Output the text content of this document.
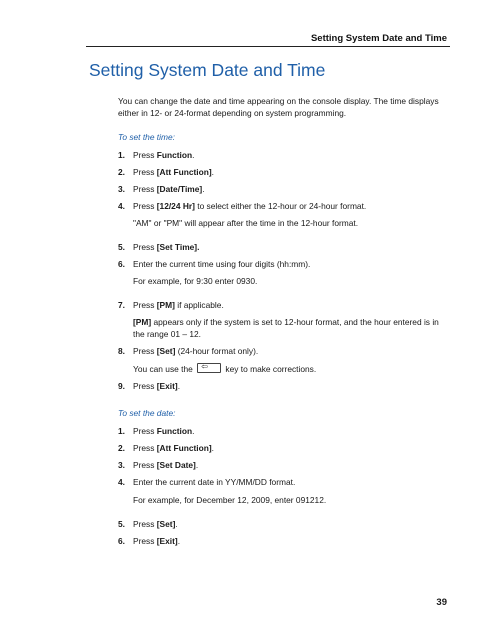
Setting System Date and Time
Setting System Date and Time

You can change the date and time appearing on the console display. The time displays either in 12- or 24-format depending on system programming.

To set the time:

1. Press Function.
2. Press [Att Function].
3. Press [Date/Time].
4. Press [12/24 Hr] to select either the 12-hour or 24-hour format.
"AM" or "PM" will appear after the time in the 12-hour format.
5. Press [Set Time].
6. Enter the current time using four digits (hh:mm).
For example, for 9:30 enter 0930.
7. Press [PM] if applicable.
[PM] appears only if the system is set to 12-hour format, and the hour entered is in the range 01 – 12.
8. Press [Set] (24-hour format only).
You can use the ⇦ key to make corrections.
9. Press [Exit].

To set the date:

1. Press Function.
2. Press [Att Function].
3. Press [Set Date].
4. Enter the current date in YY/MM/DD format.
For example, for December 12, 2009, enter 091212.
5. Press [Set].
6. Press [Exit].
39
